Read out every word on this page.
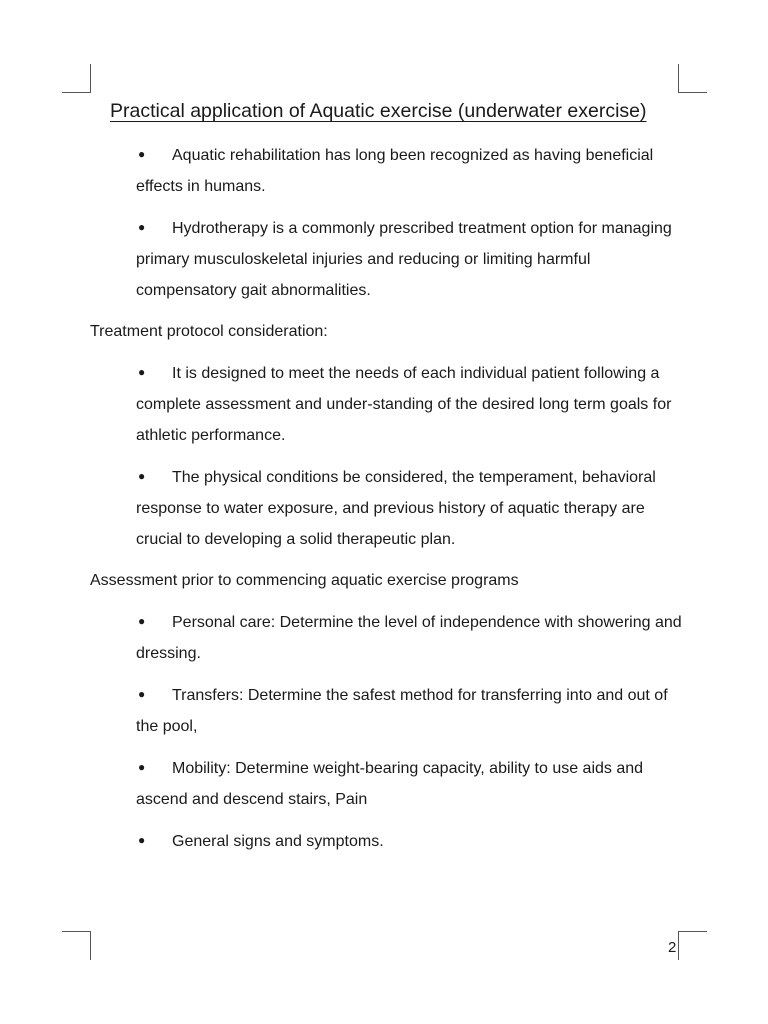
Practical application of Aquatic exercise (underwater exercise)
● Aquatic rehabilitation has long been recognized as having beneficial effects in humans.
● Hydrotherapy is a commonly prescribed treatment option for managing primary musculoskeletal injuries and reducing or limiting harmful compensatory gait abnormalities.
Treatment protocol consideration:
● It is designed to meet the needs of each individual patient following a complete assessment and under-standing of the desired long term goals for athletic performance.
● The physical conditions be considered, the temperament, behavioral response to water exposure, and previous history of aquatic therapy are crucial to developing a solid therapeutic plan.
Assessment prior to commencing aquatic exercise programs
● Personal care: Determine the level of independence with showering and dressing.
● Transfers: Determine the safest method for transferring into and out of the pool,
● Mobility: Determine weight-bearing capacity, ability to use aids and ascend and descend stairs, Pain
● General signs and symptoms.
2
